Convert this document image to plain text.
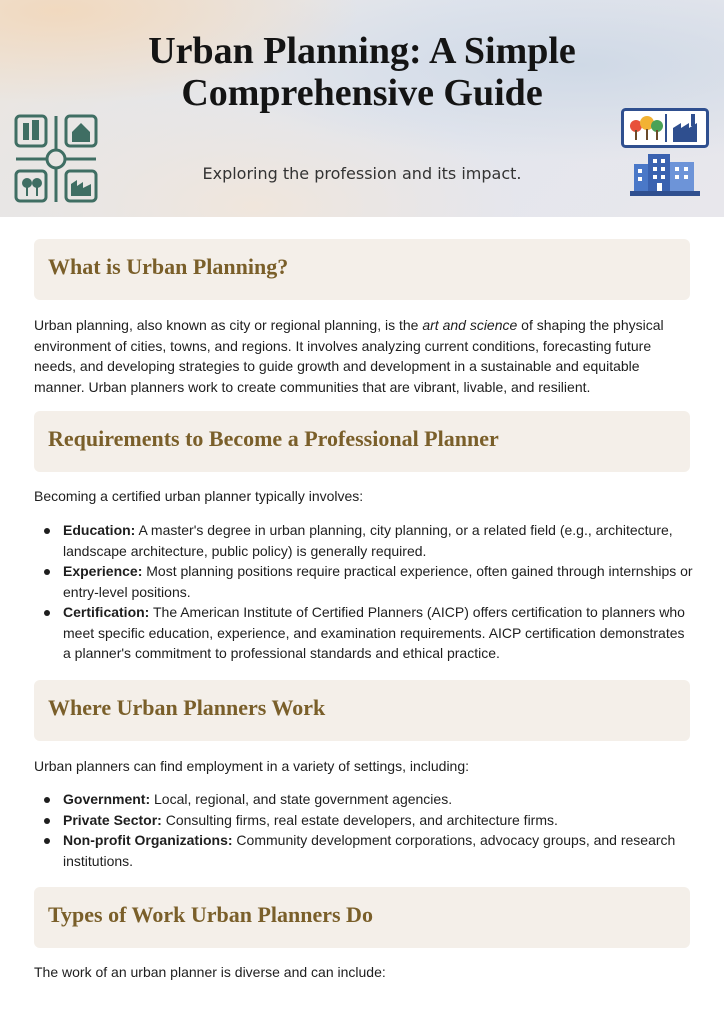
Urban Planning: A Simple Comprehensive Guide
Exploring the profession and its impact.
What is Urban Planning?

Urban planning, also known as city or regional planning, is the art and science of shaping the physical environment of cities, towns, and regions. It involves analyzing current conditions, forecasting future needs, and developing strategies to guide growth and development in a sustainable and equitable manner. Urban planners work to create communities that are vibrant, livable, and resilient.

Requirements to Become a Professional Planner

Becoming a certified urban planner typically involves:

Education: A master's degree in urban planning, city planning, or a related field (e.g., architecture, landscape architecture, public policy) is generally required.
Experience: Most planning positions require practical experience, often gained through internships or entry-level positions.
Certification: The American Institute of Certified Planners (AICP) offers certification to planners who meet specific education, experience, and examination requirements. AICP certification demonstrates a planner's commitment to professional standards and ethical practice.
Where Urban Planners Work

Urban planners can find employment in a variety of settings, including:

Government: Local, regional, and state government agencies.
Private Sector: Consulting firms, real estate developers, and architecture firms.
Non-profit Organizations: Community development corporations, advocacy groups, and research institutions.
Types of Work Urban Planners Do

The work of an urban planner is diverse and can include:
